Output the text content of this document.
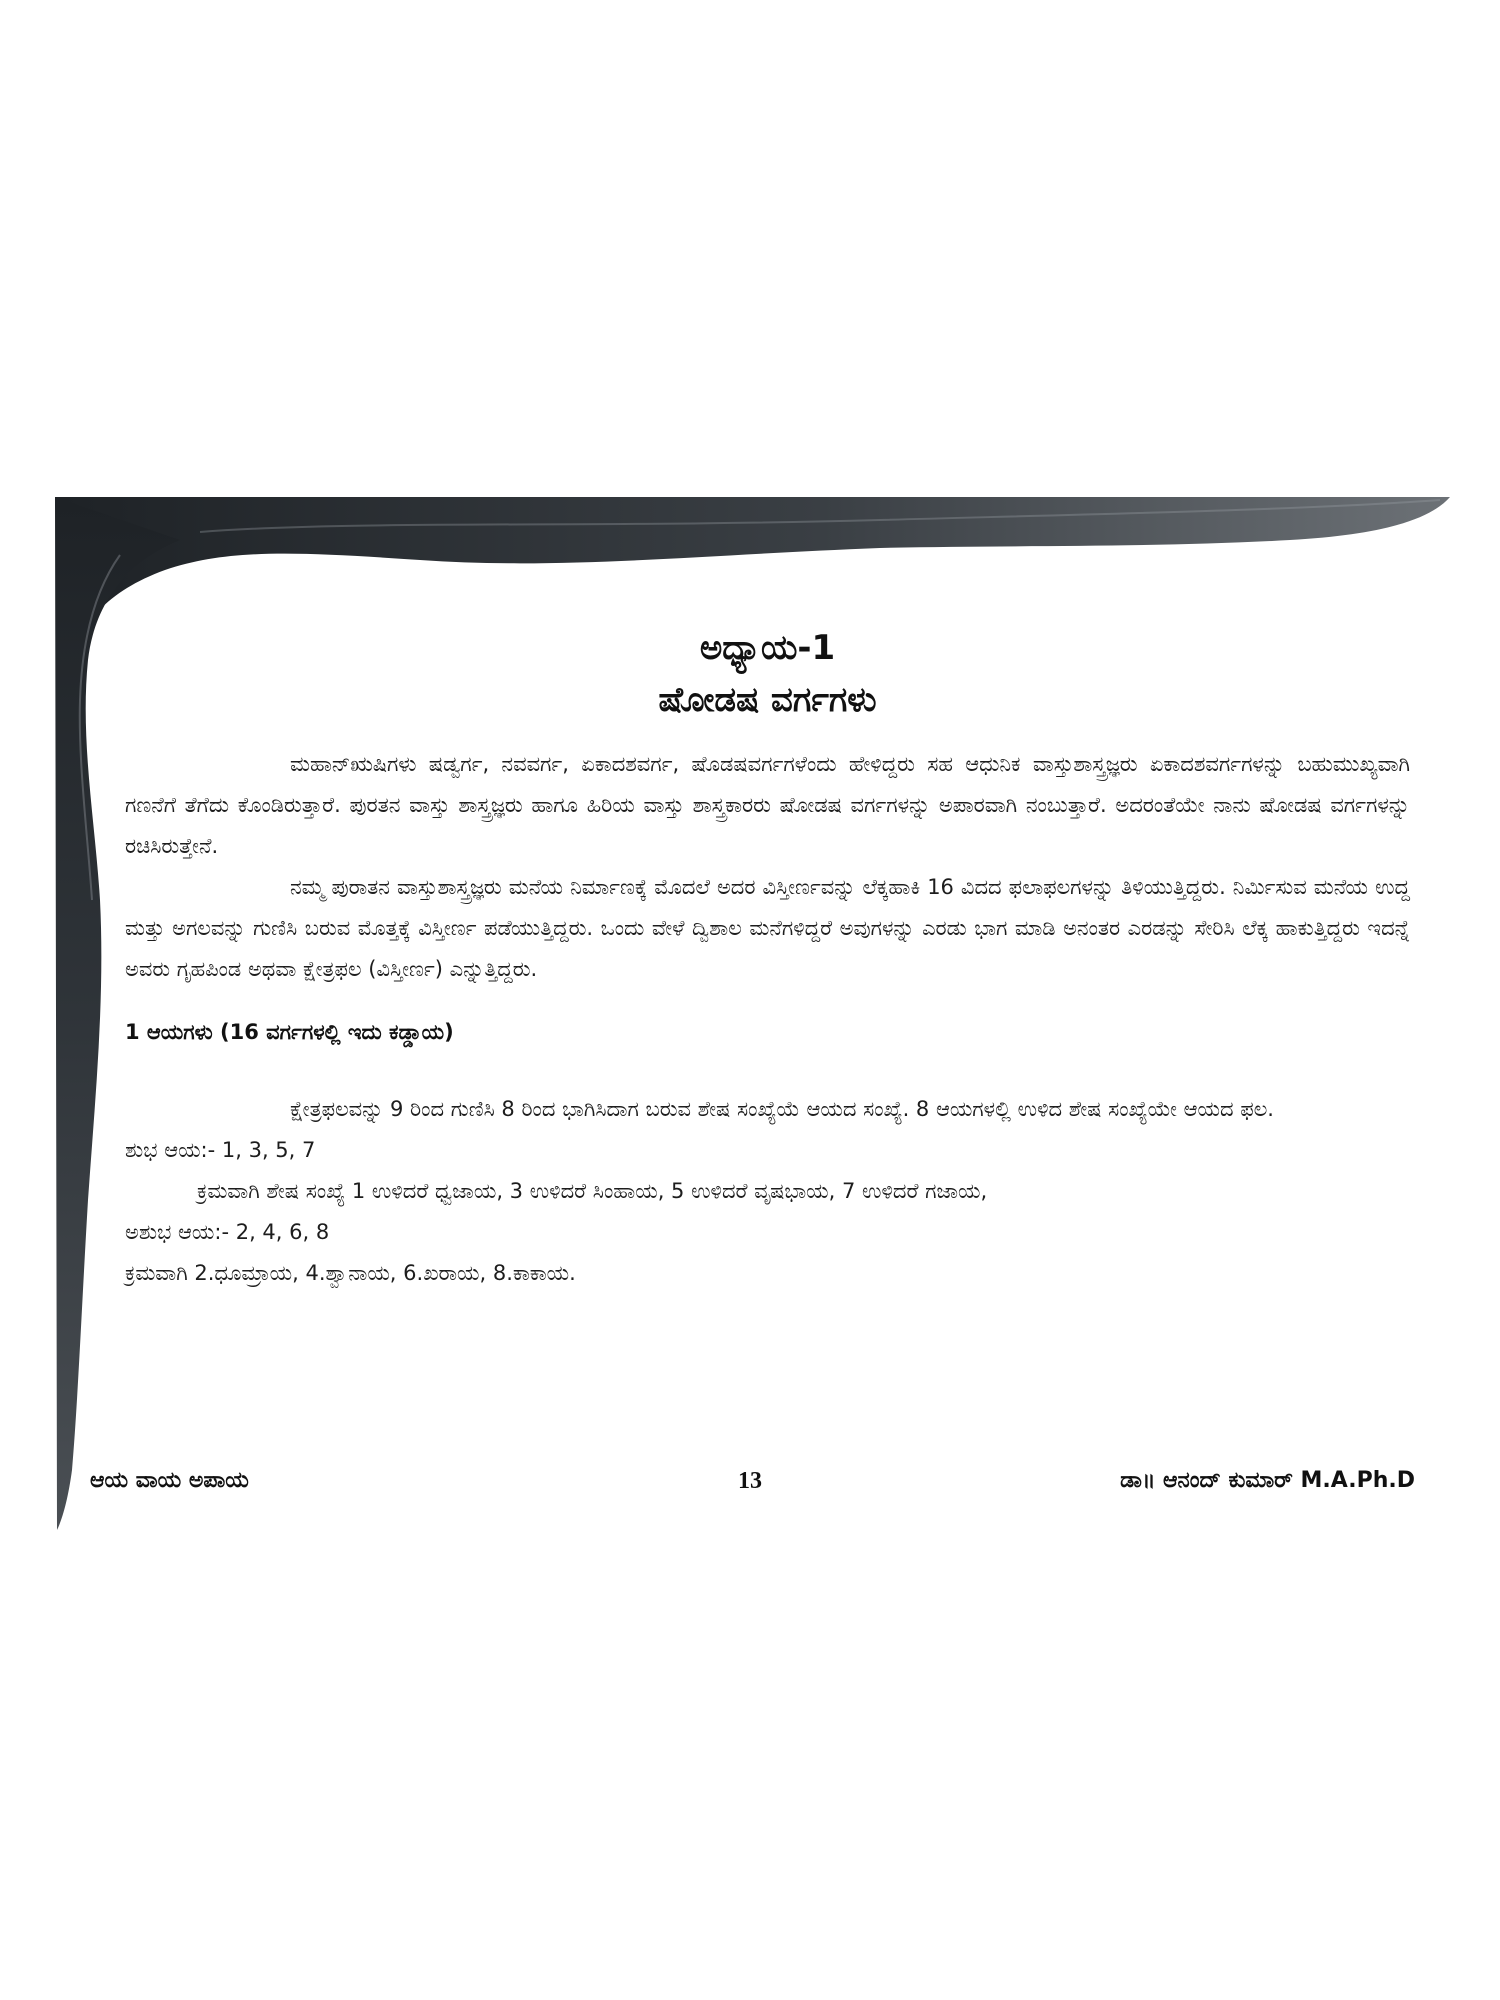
ಅಧ್ಯಾಯ-1
ಷೋಡಷ ವರ್ಗಗಳು

ಮಹಾನ್‌ಋಷಿಗಳು ಷಡ್ವರ್ಗ, ನವವರ್ಗ, ಏಕಾದಶವರ್ಗ, ಷೊಡಷವರ್ಗಗಳೆಂದು ಹೇಳಿದ್ದರು ಸಹ ಆಧುನಿಕ ವಾಸ್ತುಶಾಸ್ತ್ರಜ್ಞರು ಏಕಾದಶವರ್ಗಗಳನ್ನು ಬಹುಮುಖ್ಯವಾಗಿ ಗಣನೆಗೆ ತೆಗೆದು ಕೊಂಡಿರುತ್ತಾರೆ. ಪುರತನ ವಾಸ್ತು ಶಾಸ್ತ್ರಜ್ಞರು ಹಾಗೂ ಹಿರಿಯ ವಾಸ್ತು ಶಾಸ್ತ್ರಕಾರರು ಷೋಡಷ ವರ್ಗಗಳನ್ನು ಅಪಾರವಾಗಿ ನಂಬುತ್ತಾರೆ. ಅದರಂತೆಯೇ ನಾನು ಷೋಡಷ ವರ್ಗಗಳನ್ನು ರಚಿಸಿರುತ್ತೇನೆ.

ನಮ್ಮ ಪುರಾತನ ವಾಸ್ತುಶಾಸ್ತ್ರಜ್ಞರು ಮನೆಯ ನಿರ್ಮಾಣಕ್ಕೆ ಮೊದಲೆ ಅದರ ವಿಸ್ತೀರ್ಣವನ್ನು ಲೆಕ್ಕಹಾಕಿ 16 ವಿದದ ಫಲಾಫಲಗಳನ್ನು ತಿಳಿಯುತ್ತಿದ್ದರು. ನಿರ್ಮಿಸುವ ಮನೆಯ ಉದ್ದ ಮತ್ತು ಅಗಲವನ್ನು ಗುಣಿಸಿ ಬರುವ ಮೊತ್ತಕ್ಕೆ ವಿಸ್ತೀರ್ಣ ಪಡೆಯುತ್ತಿದ್ದರು. ಒಂದು ವೇಳೆ ದ್ವಿಶಾಲ ಮನೆಗಳಿದ್ದರೆ ಅವುಗಳನ್ನು ಎರಡು ಭಾಗ ಮಾಡಿ ಅನಂತರ ಎರಡನ್ನು ಸೇರಿಸಿ ಲೆಕ್ಕ ಹಾಕುತ್ತಿದ್ದರು ಇದನ್ನೆ ಅವರು ಗೃಹಪಿಂಡ ಅಥವಾ ಕ್ಷೇತ್ರಫಲ (ವಿಸ್ತೀರ್ಣ) ಎನ್ನುತ್ತಿದ್ದರು.

1 ಆಯಗಳು (16 ವರ್ಗಗಳಲ್ಲಿ ಇದು ಕಡ್ಡಾಯ)

ಕ್ಷೇತ್ರಫಲವನ್ನು 9 ರಿಂದ ಗುಣಿಸಿ 8 ರಿಂದ ಭಾಗಿಸಿದಾಗ ಬರುವ ಶೇಷ ಸಂಖ್ಯೆಯೆ ಆಯದ ಸಂಖ್ಯೆ. 8 ಆಯಗಳಲ್ಲಿ ಉಳಿದ ಶೇಷ ಸಂಖ್ಯೆಯೇ ಆಯದ ಫಲ.

ಶುಭ ಆಯ:- 1, 3, 5, 7

ಕ್ರಮವಾಗಿ ಶೇಷ ಸಂಖ್ಯೆ 1 ಉಳಿದರೆ ಧ್ವಜಾಯ, 3 ಉಳಿದರೆ ಸಿಂಹಾಯ, 5 ಉಳಿದರೆ ವೃಷಭಾಯ, 7 ಉಳಿದರೆ ಗಜಾಯ,

ಅಶುಭ ಆಯ:- 2, 4, 6, 8

ಕ್ರಮವಾಗಿ 2.ಧೂಮ್ರಾಯ, 4.ಶ್ವಾನಾಯ, 6.ಖರಾಯ, 8.ಕಾಕಾಯ.

ಆಯ ವಾಯ ಅಪಾಯ	13	ಡಾ॥ ಆನಂದ್ ಕುಮಾರ್ M.A.Ph.D
